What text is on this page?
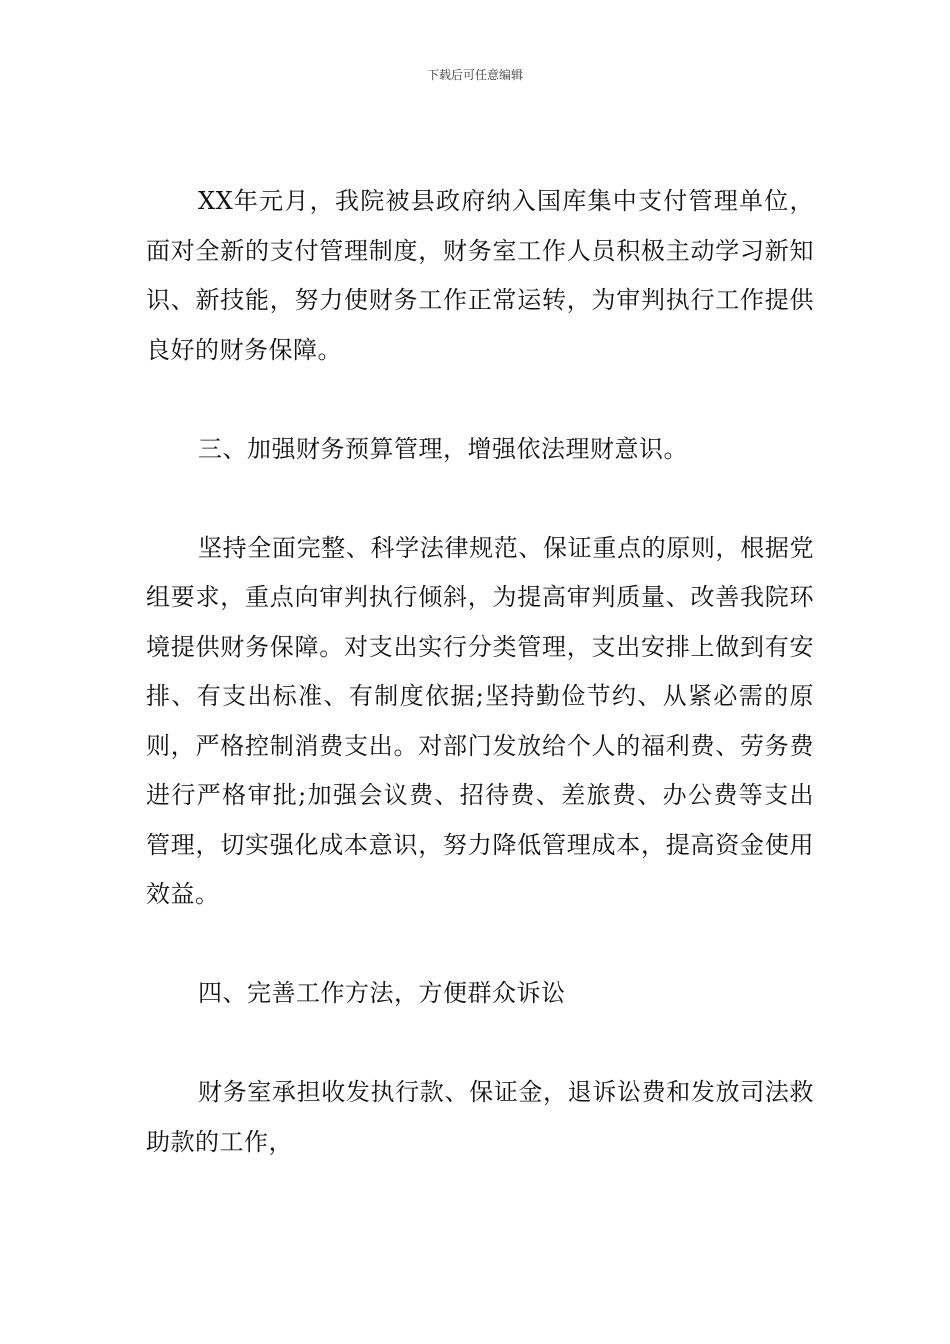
下载后可任意编辑

XX年元月，我院被县政府纳入国库集中支付管理单位，面对全新的支付管理制度，财务室工作人员积极主动学习新知识、新技能，努力使财务工作正常运转，为审判执行工作提供良好的财务保障。

三、加强财务预算管理，增强依法理财意识。

坚持全面完整、科学法律规范、保证重点的原则，根据党组要求，重点向审判执行倾斜，为提高审判质量、改善我院环境提供财务保障。对支出实行分类管理，支出安排上做到有安排、有支出标准、有制度依据;坚持勤俭节约、从紧必需的原则，严格控制消费支出。对部门发放给个人的福利费、劳务费进行严格审批;加强会议费、招待费、差旅费、办公费等支出管理，切实强化成本意识，努力降低管理成本，提高资金使用效益。

四、完善工作方法，方便群众诉讼

财务室承担收发执行款、保证金，退诉讼费和发放司法救助款的工作，
